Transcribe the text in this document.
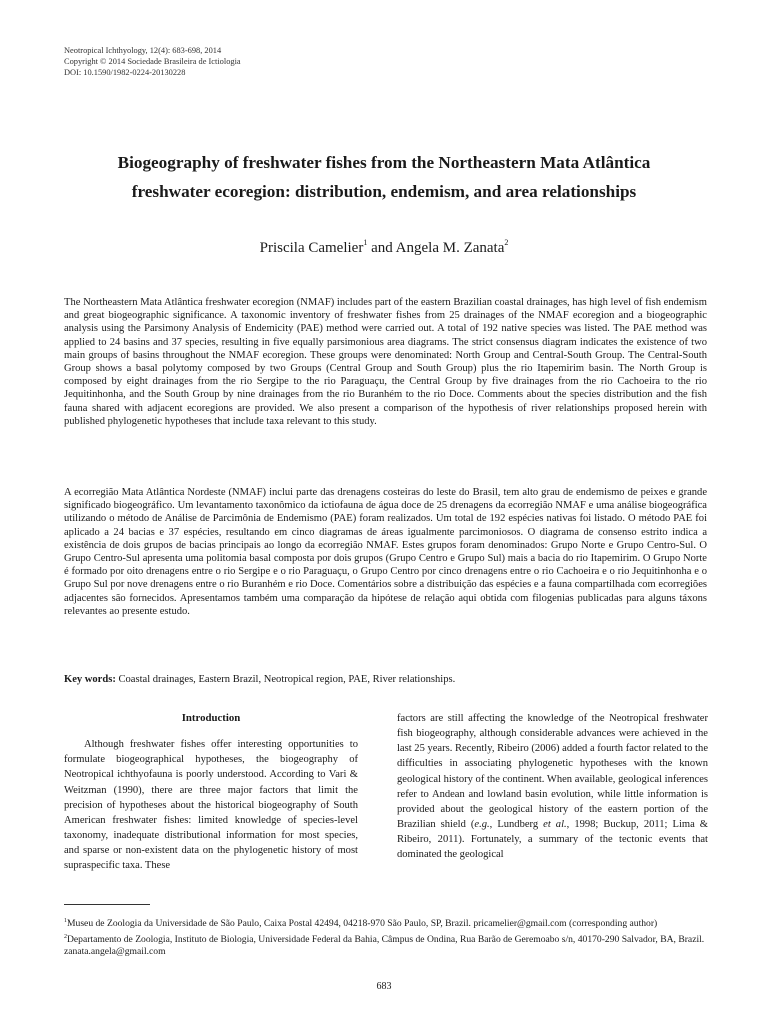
Neotropical Ichthyology, 12(4): 683-698, 2014
Copyright © 2014 Sociedade Brasileira de Ictiologia
DOI: 10.1590/1982-0224-20130228
Biogeography of freshwater fishes from the Northeastern Mata Atlântica
freshwater ecoregion: distribution, endemism, and area relationships
Priscila Camelier$^1$ and Angela M. Zanata$^2$
The Northeastern Mata Atlântica freshwater ecoregion (NMAF) includes part of the eastern Brazilian coastal drainages, has high level of fish endemism and great biogeographic significance. A taxonomic inventory of freshwater fishes from 25 drainages of the NMAF ecoregion and a biogeographic analysis using the Parsimony Analysis of Endemicity (PAE) method were carried out. A total of 192 native species was listed. The PAE method was applied to 24 basins and 37 species, resulting in five equally parsimonious area diagrams. The strict consensus diagram indicates the existence of two main groups of basins throughout the NMAF ecoregion. These groups were denominated: North Group and Central-South Group. The Central-South Group shows a basal polytomy composed by two Groups (Central Group and South Group) plus the rio Itapemirim basin. The North Group is composed by eight drainages from the rio Sergipe to the rio Paraguaçu, the Central Group by five drainages from the rio Cachoeira to the rio Jequitinhonha, and the South Group by nine drainages from the rio Buranhém to the rio Doce. Comments about the species distribution and the fish fauna shared with adjacent ecoregions are provided. We also present a comparison of the hypothesis of river relationships proposed herein with published phylogenetic hypotheses that include taxa relevant to this study.
A ecorregião Mata Atlântica Nordeste (NMAF) inclui parte das drenagens costeiras do leste do Brasil, tem alto grau de endemismo de peixes e grande significado biogeográfico. Um levantamento taxonômico da ictiofauna de água doce de 25 drenagens da ecorregião NMAF e uma análise biogeográfica utilizando o método de Análise de Parcimônia de Endemismo (PAE) foram realizados. Um total de 192 espécies nativas foi listado. O método PAE foi aplicado a 24 bacias e 37 espécies, resultando em cinco diagramas de áreas igualmente parcimoniosos. O diagrama de consenso estrito indica a existência de dois grupos de bacias principais ao longo da ecorregião NMAF. Estes grupos foram denominados: Grupo Norte e Grupo Centro-Sul. O Grupo Centro-Sul apresenta uma politomia basal composta por dois grupos (Grupo Centro e Grupo Sul) mais a bacia do rio Itapemirim. O Grupo Norte é formado por oito drenagens entre o rio Sergipe e o rio Paraguaçu, o Grupo Centro por cinco drenagens entre o rio Cachoeira e o rio Jequitinhonha e o Grupo Sul por nove drenagens entre o rio Buranhém e rio Doce. Comentários sobre a distribuição das espécies e a fauna compartilhada com ecorregiões adjacentes são fornecidos. Apresentamos também uma comparação da hipótese de relação aqui obtida com filogenias publicadas para alguns táxons relevantes ao presente estudo.
Key words: Coastal drainages, Eastern Brazil, Neotropical region, PAE, River relationships.
Introduction
Although freshwater fishes offer interesting opportunities to formulate biogeographical hypotheses, the biogeography of Neotropical ichthyofauna is poorly understood. According to Vari & Weitzman (1990), there are three major factors that limit the precision of hypotheses about the historical biogeography of South American freshwater fishes: limited knowledge of species-level taxonomy, inadequate distributional information for most species, and sparse or non-existent data on the phylogenetic history of most supraspecific taxa. These
factors are still affecting the knowledge of the Neotropical freshwater fish biogeography, although considerable advances were achieved in the last 25 years. Recently, Ribeiro (2006) added a fourth factor related to the difficulties in associating phylogenetic hypotheses with the known geological history of the continent. When available, geological inferences refer to Andean and lowland basin evolution, while little information is provided about the geological history of the eastern portion of the Brazilian shield (e.g., Lundberg et al., 1998; Buckup, 2011; Lima & Ribeiro, 2011). Fortunately, a summary of the tectonic events that dominated the geological
$^1$Museu de Zoologia da Universidade de São Paulo, Caixa Postal 42494, 04218-970 São Paulo, SP, Brazil. pricamelier@gmail.com (corresponding author)
$^2$Departamento de Zoologia, Instituto de Biologia, Universidade Federal da Bahia, Câmpus de Ondina, Rua Barão de Geremoabo s/n, 40170-290 Salvador, BA, Brazil. zanata.angela@gmail.com
683
